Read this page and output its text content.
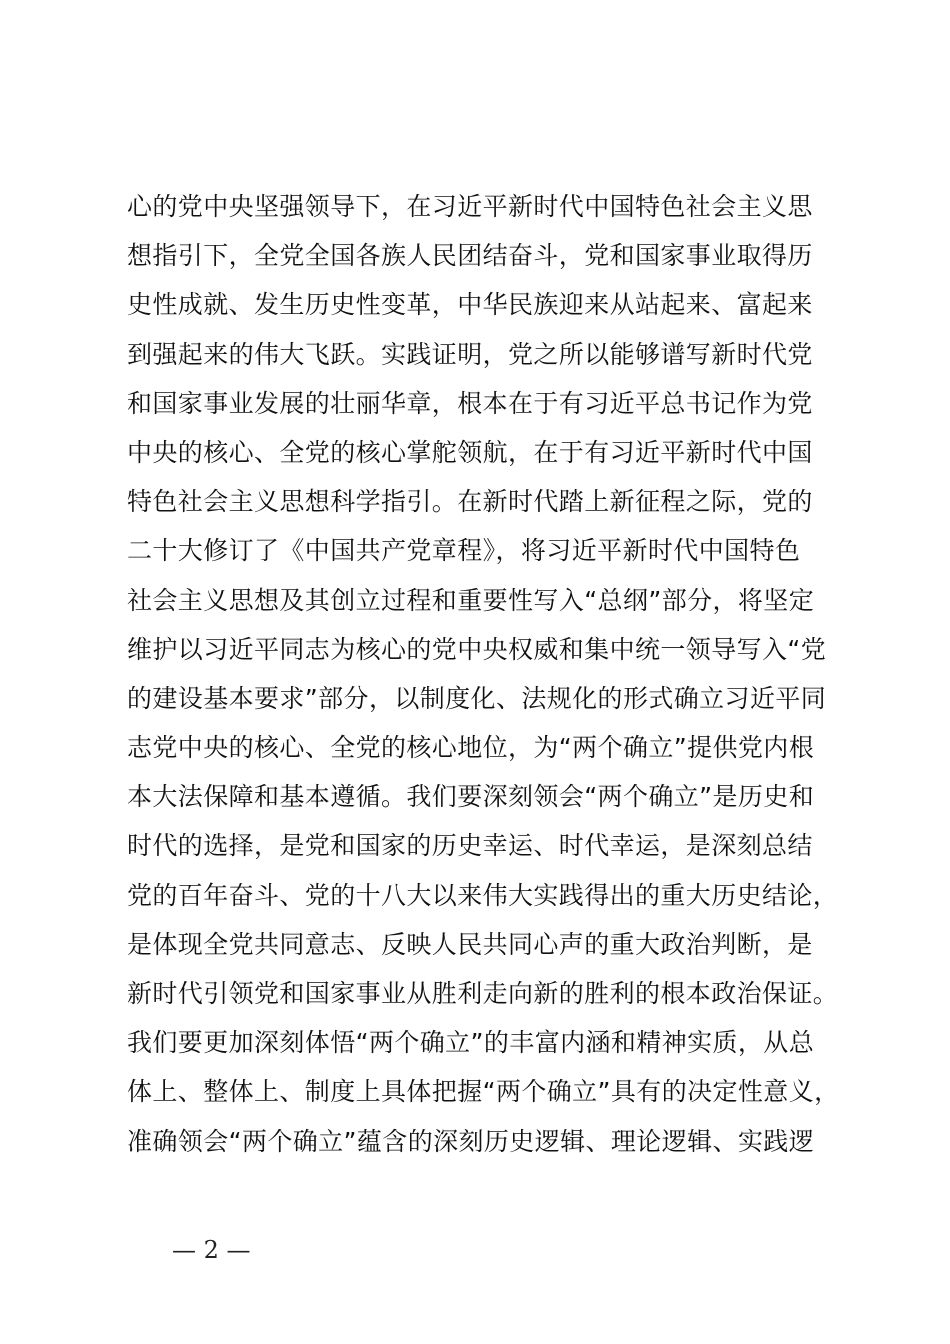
心的党中央坚强领导下，在习近平新时代中国特色社会主义思
想指引下，全党全国各族人民团结奋斗，党和国家事业取得历
史性成就、发生历史性变革，中华民族迎来从站起来、富起来
到强起来的伟大飞跃。实践证明，党之所以能够谱写新时代党
和国家事业发展的壮丽华章，根本在于有习近平总书记作为党
中央的核心、全党的核心掌舵领航，在于有习近平新时代中国
特色社会主义思想科学指引。在新时代踏上新征程之际，党的
二十大修订了《中国共产党章程》，将习近平新时代中国特色
社会主义思想及其创立过程和重要性写入“总纲”部分，将坚定
维护以习近平同志为核心的党中央权威和集中统一领导写入“党
的建设基本要求”部分，以制度化、法规化的形式确立习近平同
志党中央的核心、全党的核心地位，为“两个确立”提供党内根
本大法保障和基本遵循。我们要深刻领会“两个确立”是历史和
时代的选择，是党和国家的历史幸运、时代幸运，是深刻总结
党的百年奋斗、党的十八大以来伟大实践得出的重大历史结论，
是体现全党共同意志、反映人民共同心声的重大政治判断，是
新时代引领党和国家事业从胜利走向新的胜利的根本政治保证。
我们要更加深刻体悟“两个确立”的丰富内涵和精神实质，从总
体上、整体上、制度上具体把握“两个确立”具有的决定性意义，
准确领会“两个确立”蕴含的深刻历史逻辑、理论逻辑、实践逻
— 2 —
